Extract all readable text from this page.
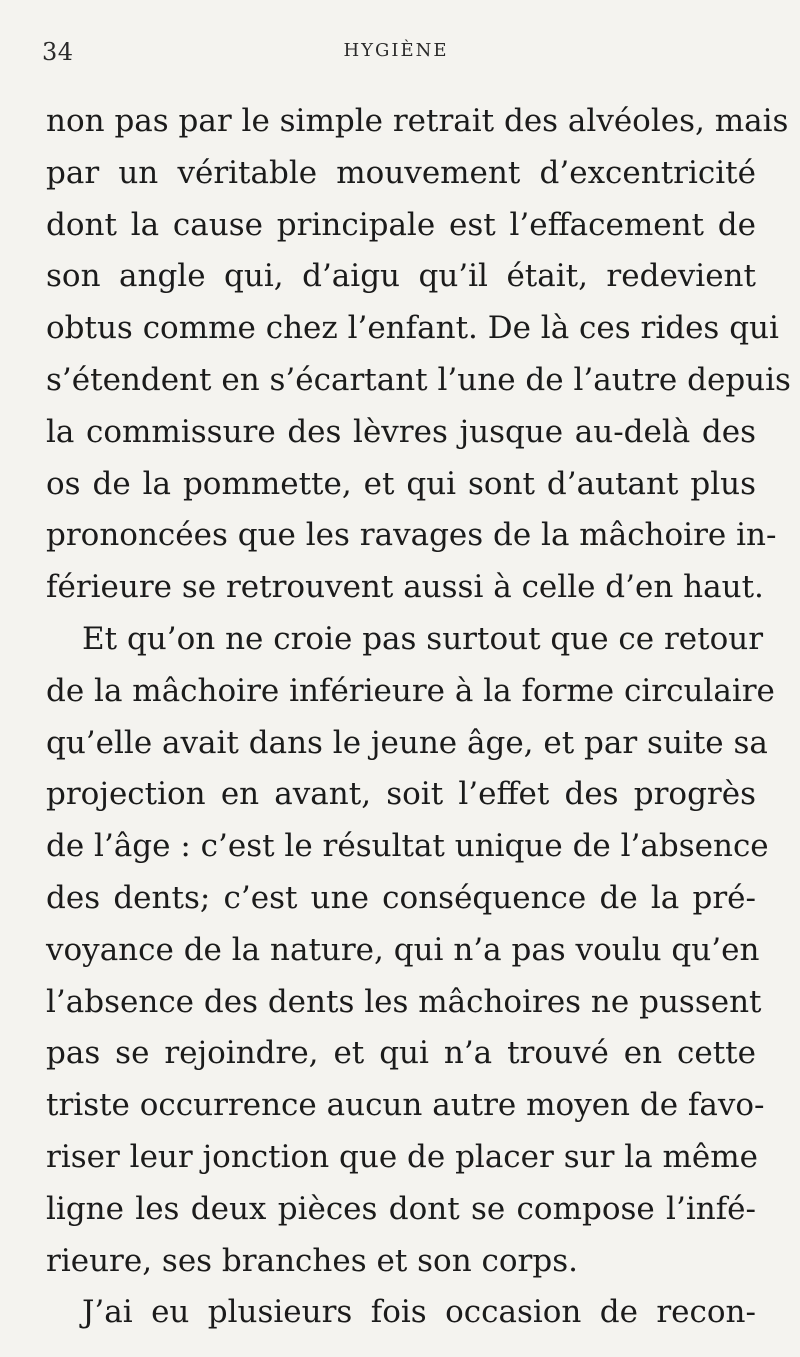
34	HYGIÈNE
non pas par le simple retrait des alvéoles, mais
par un véritable mouvement d’excentricité
dont la cause principale est l’effacement de
son angle qui, d’aigu qu’il était, redevient
obtus comme chez l’enfant. De là ces rides qui
s’étendent en s’écartant l’une de l’autre depuis
la commissure des lèvres jusque au-delà des
os de la pommette, et qui sont d’autant plus
prononcées que les ravages de la mâchoire in-
férieure se retrouvent aussi à celle d’en haut.
Et qu’on ne croie pas surtout que ce retour
de la mâchoire inférieure à la forme circulaire
qu’elle avait dans le jeune âge, et par suite sa
projection en avant, soit l’effet des progrès
de l’âge : c’est le résultat unique de l’absence
des dents; c’est une conséquence de la pré-
voyance de la nature, qui n’a pas voulu qu’en
l’absence des dents les mâchoires ne pussent
pas se rejoindre, et qui n’a trouvé en cette
triste occurrence aucun autre moyen de favo-
riser leur jonction que de placer sur la même
ligne les deux pièces dont se compose l’infé-
rieure, ses branches et son corps.
J’ai eu plusieurs fois occasion de recon-
